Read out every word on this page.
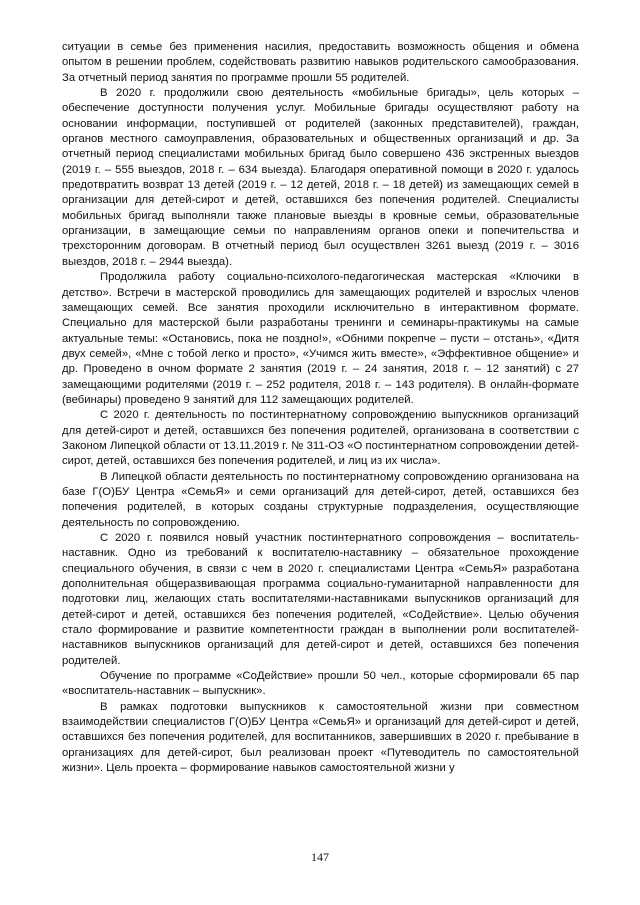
ситуации в семье без применения насилия, предоставить возможность общения и обмена опытом в решении проблем, содействовать развитию навыков родительского самообразования. За отчетный период занятия по программе прошли 55 родителей.

В 2020 г. продолжили свою деятельность «мобильные бригады», цель которых – обеспечение доступности получения услуг. Мобильные бригады осуществляют работу на основании информации, поступившей от родителей (законных представителей), граждан, органов местного самоуправления, образовательных и общественных организаций и др. За отчетный период специалистами мобильных бригад было совершено 436 экстренных выездов (2019 г. – 555 выездов, 2018 г. – 634 выезда). Благодаря оперативной помощи в 2020 г. удалось предотвратить возврат 13 детей (2019 г. – 12 детей, 2018 г. – 18 детей) из замещающих семей в организации для детей-сирот и детей, оставшихся без попечения родителей. Специалисты мобильных бригад выполняли также плановые выезды в кровные семьи, образовательные организации, в замещающие семьи по направлениям органов опеки и попечительства и трехсторонним договорам. В отчетный период был осуществлен 3261 выезд (2019 г. – 3016 выездов, 2018 г. – 2944 выезда).

Продолжила работу социально-психолого-педагогическая мастерская «Ключики в детство». Встречи в мастерской проводились для замещающих родителей и взрослых членов замещающих семей. Все занятия проходили исключительно в интерактивном формате. Специально для мастерской были разработаны тренинги и семинары-практикумы на самые актуальные темы: «Остановись, пока не поздно!», «Обними покрепче – пусти – отстань», «Дитя двух семей», «Мне с тобой легко и просто», «Учимся жить вместе», «Эффективное общение» и др. Проведено в очном формате 2 занятия (2019 г. – 24 занятия, 2018 г. – 12 занятий) с 27 замещающими родителями (2019 г. – 252 родителя, 2018 г. – 143 родителя). В онлайн-формате (вебинары) проведено 9 занятий для 112 замещающих родителей.

С 2020 г. деятельность по постинтернатному сопровождению выпускников организаций для детей-сирот и детей, оставшихся без попечения родителей, организована в соответствии с Законом Липецкой области от 13.11.2019 г. № 311-ОЗ «О постинтернатном сопровождении детей-сирот, детей, оставшихся без попечения родителей, и лиц из их числа».

В Липецкой области деятельность по постинтернатному сопровождению организована на базе Г(О)БУ Центра «СемьЯ» и семи организаций для детей-сирот, детей, оставшихся без попечения родителей, в которых созданы структурные подразделения, осуществляющие деятельность по сопровождению.

С 2020 г. появился новый участник постинтернатного сопровождения – воспитатель-наставник. Одно из требований к воспитателю-наставнику – обязательное прохождение специального обучения, в связи с чем в 2020 г. специалистами Центра «СемьЯ» разработана дополнительная общеразвивающая программа социально-гуманитарной направленности для подготовки лиц, желающих стать воспитателями-наставниками выпускников организаций для детей-сирот и детей, оставшихся без попечения родителей, «СоДействие». Целью обучения стало формирование и развитие компетентности граждан в выполнении роли воспитателей-наставников выпускников организаций для детей-сирот и детей, оставшихся без попечения родителей.

Обучение по программе «СоДействие» прошли 50 чел., которые сформировали 65 пар «воспитатель-наставник – выпускник».

В рамках подготовки выпускников к самостоятельной жизни при совместном взаимодействии специалистов Г(О)БУ Центра «СемьЯ» и организаций для детей-сирот и детей, оставшихся без попечения родителей, для воспитанников, завершивших в 2020 г. пребывание в организациях для детей-сирот, был реализован проект «Путеводитель по самостоятельной жизни». Цель проекта – формирование навыков самостоятельной жизни у

147
